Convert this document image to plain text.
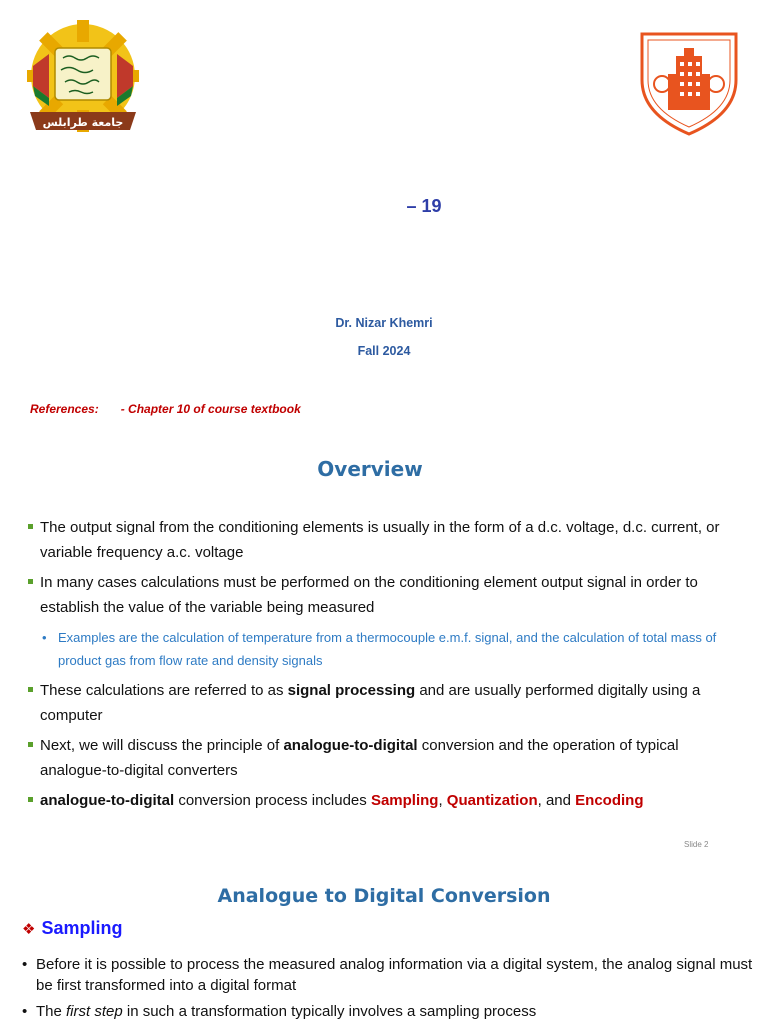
جامعة طرابلس
– 19
Dr. Nizar Khemri
Fall 2024
References: - Chapter 10 of course textbook
Overview
The output signal from the conditioning elements is usually in the form of a d.c. voltage, d.c. current, or variable frequency a.c. voltage
In many cases calculations must be performed on the conditioning element output signal in order to establish the value of the variable being measured
• Examples are the calculation of temperature from a thermocouple e.m.f. signal, and the calculation of total mass of product gas from flow rate and density signals
These calculations are referred to as signal processing and are usually performed digitally using a computer
Next, we will discuss the principle of analogue-to-digital conversion and the operation of typical analogue-to-digital converters
analogue-to-digital conversion process includes Sampling, Quantization, and Encoding
Slide 2
Analogue to Digital Conversion
❖ Sampling
• Before it is possible to process the measured analog information via a digital system, the analog signal must be first transformed into a digital format
• The first step in such a transformation typically involves a sampling process
